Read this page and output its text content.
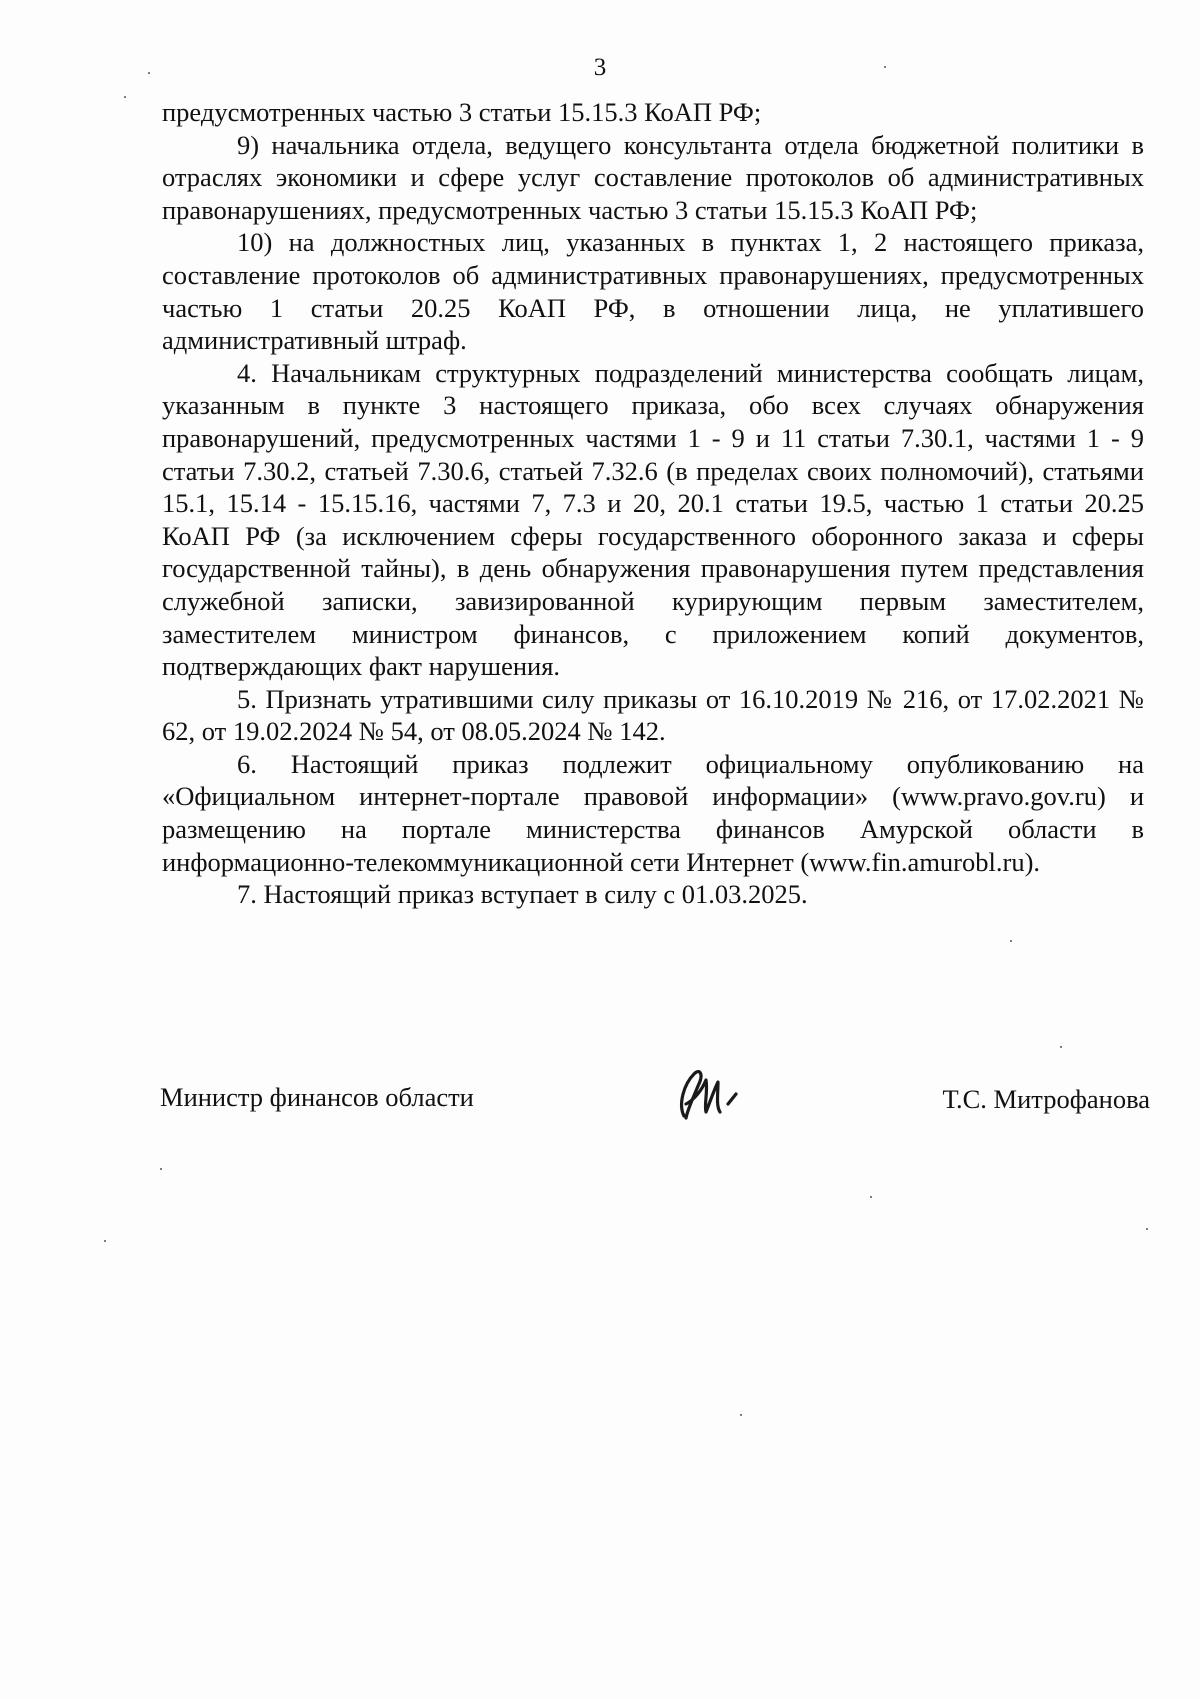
3

предусмотренных частью 3 статьи 15.15.3 КоАП РФ;

9) начальника отдела, ведущего консультанта отдела бюджетной политики в отраслях экономики и сфере услуг составление протоколов об административных правонарушениях, предусмотренных частью 3 статьи 15.15.3 КоАП РФ;

10) на должностных лиц, указанных в пунктах 1, 2 настоящего приказа, составление протоколов об административных правонарушениях, предусмотренных частью 1 статьи 20.25 КоАП РФ, в отношении лица, не уплатившего административный штраф.

4. Начальникам структурных подразделений министерства сообщать лицам, указанным в пункте 3 настоящего приказа, обо всех случаях обнаружения правонарушений, предусмотренных частями 1 - 9 и 11 статьи 7.30.1, частями 1 - 9 статьи 7.30.2, статьей 7.30.6, статьей 7.32.6 (в пределах своих полномочий), статьями 15.1, 15.14 - 15.15.16, частями 7, 7.3 и 20, 20.1 статьи 19.5, частью 1 статьи 20.25 КоАП РФ (за исключением сферы государственного оборонного заказа и сферы государственной тайны), в день обнаружения правонарушения путем представления служебной записки, завизированной курирующим первым заместителем, заместителем министром финансов, с приложением копий документов, подтверждающих факт нарушения.

5. Признать утратившими силу приказы от 16.10.2019 № 216, от 17.02.2021 № 62, от 19.02.2024 № 54, от 08.05.2024 № 142.

6. Настоящий приказ подлежит официальному опубликованию на «Официальном интернет-портале правовой информации» (www.pravo.gov.ru) и размещению на портале министерства финансов Амурской области в информационно-телекоммуникационной сети Интернет (www.fin.amurobl.ru).

7. Настоящий приказ вступает в силу с 01.03.2025.

Министр финансов области	Т.С. Митрофанова
